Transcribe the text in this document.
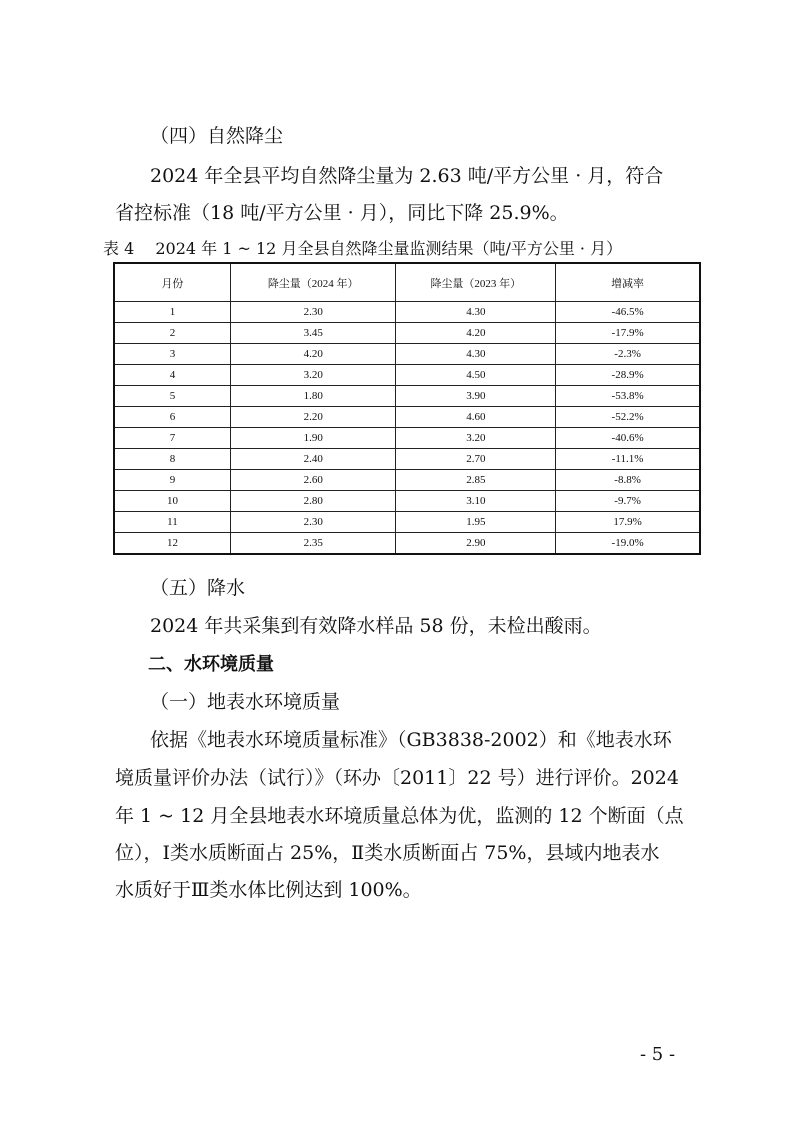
（四）自然降尘
2024 年全县平均自然降尘量为 2.63 吨/平方公里 · 月，符合
省控标准（18 吨/平方公里 · 月），同比下降 25.9%。
表 4　 2024 年 1 ~ 12 月全县自然降尘量监测结果（吨/平方公里 · 月）
月份	降尘量（2024 年）	降尘量（2023 年）	增减率
1	2.30	4.30	-46.5%
2	3.45	4.20	-17.9%
3	4.20	4.30	-2.3%
4	3.20	4.50	-28.9%
5	1.80	3.90	-53.8%
6	2.20	4.60	-52.2%
7	1.90	3.20	-40.6%
8	2.40	2.70	-11.1%
9	2.60	2.85	-8.8%
10	2.80	3.10	-9.7%
11	2.30	1.95	17.9%
12	2.35	2.90	-19.0%
（五）降水
2024 年共采集到有效降水样品 58 份，未检出酸雨。
二、水环境质量
（一）地表水环境质量
依据《地表水环境质量标准》（GB3838-2002）和《地表水环
境质量评价办法（试行）》（环办〔2011〕22 号）进行评价。2024
年 1 ~ 12 月全县地表水环境质量总体为优，监测的 12 个断面（点
位），Ⅰ类水质断面占 25%，Ⅱ类水质断面占 75%，县域内地表水
水质好于Ⅲ类水体比例达到 100%。
- 5 -
